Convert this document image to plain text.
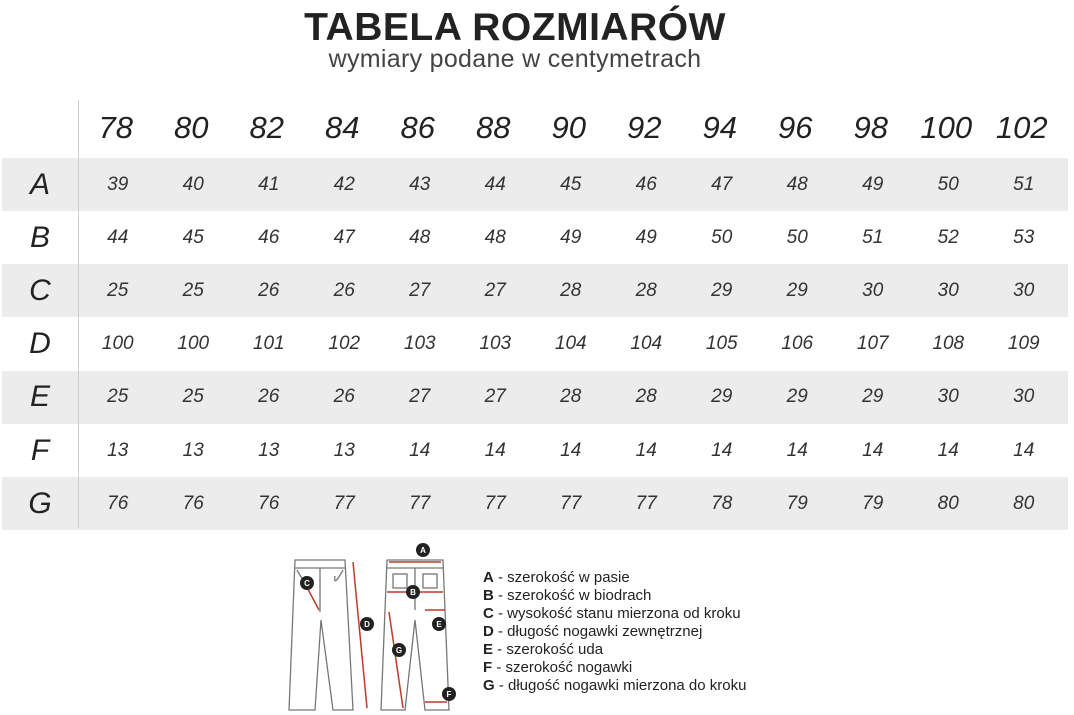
TABELA ROZMIARÓW
wymiary podane w centymetrach
78	80	82	84	86	88	90	92	94	96	98	100 102
A	39	40	41	42	43	44	45	46	47	48	49	50	51
B	44	45	46	47	48	48	49	49	50	50	51	52	53
C	25	25	26	26	27	27	28	28	29	29	30	30	30
D	100	100	101	102	103	103	104	104	105	106	107	108	109
E	25	25	26	26	27	27	28	28	29	29	29	30	30
F	13	13	13	13	14	14	14	14	14	14	14	14	14
G	76	76	76	77	77	77	77	77	78	79	79	80	80
A
B
C
D	E
F
G
A - szerokość w pasie
B - szerokość w biodrach
C - wysokość stanu mierzona od kroku
D - długość nogawki zewnętrznej
E - szerokość uda
F - szerokość nogawki
G - długość nogawki mierzona do kroku
